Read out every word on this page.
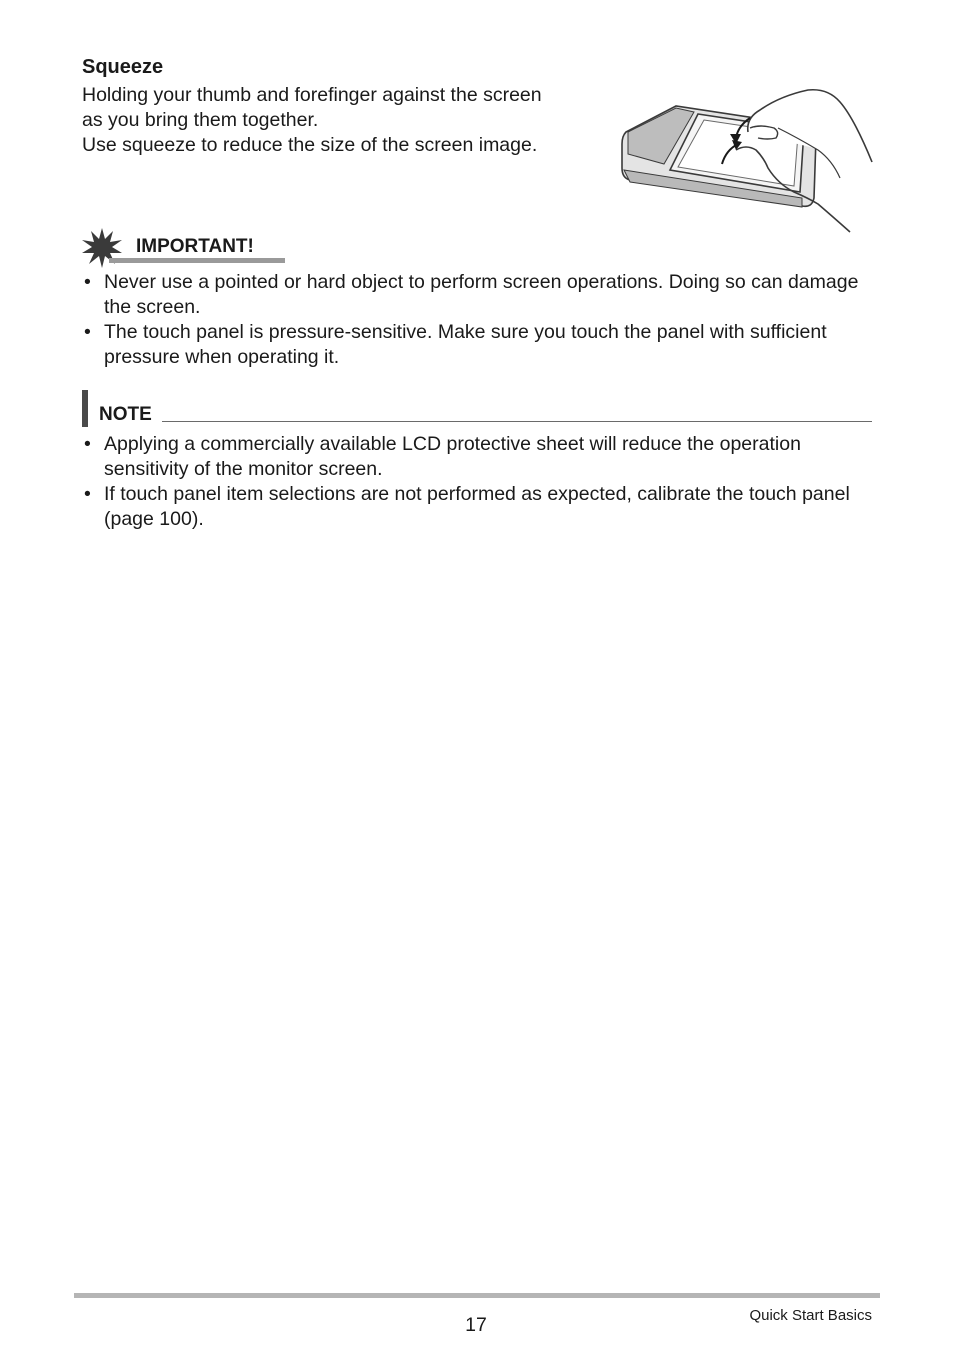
Squeeze

Holding your thumb and forefinger against the screen

as you bring them together.

Use squeeze to reduce the size of the screen image.

IMPORTANT!
• Never use a pointed or hard object to perform screen operations. Doing so can damage the screen.
• The touch panel is pressure-sensitive. Make sure you touch the panel with sufficient pressure when operating it.
NOTE
• Applying a commercially available LCD protective sheet will reduce the operation sensitivity of the monitor screen.
• If touch panel item selections are not performed as expected, calibrate the touch panel (page 100).
17	Quick Start Basics
